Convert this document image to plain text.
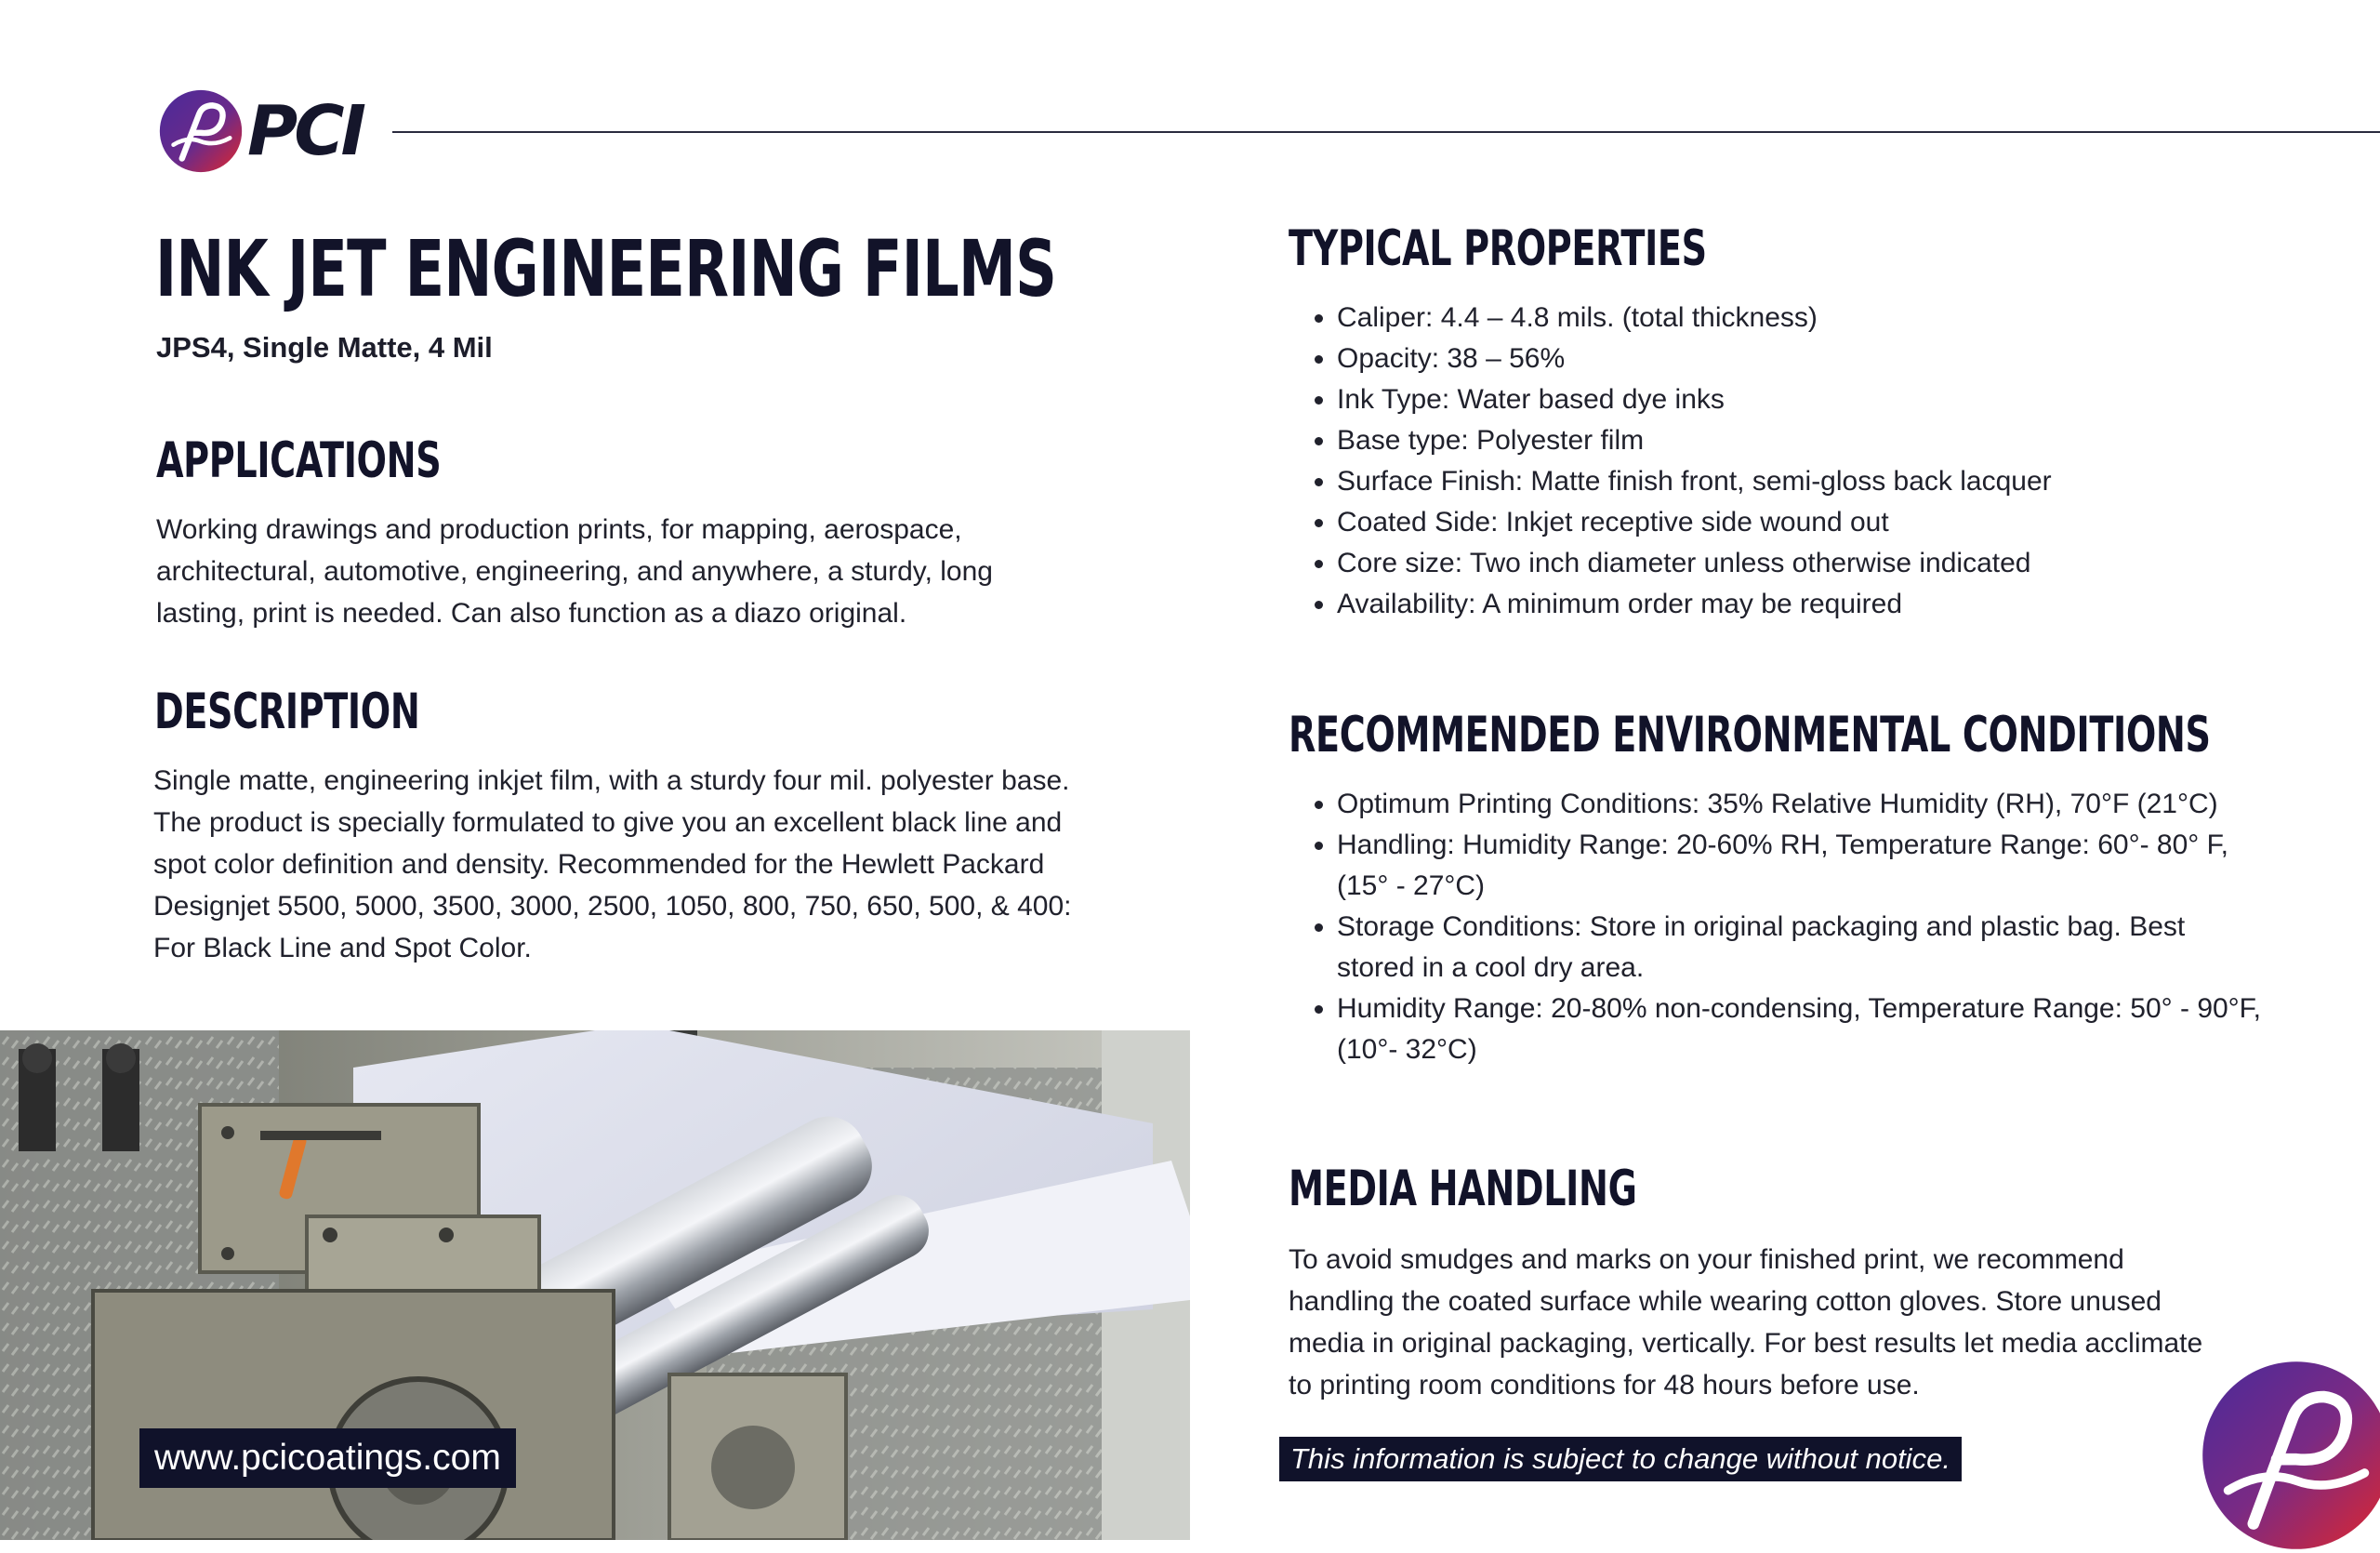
PCI
INK JET ENGINEERING FILMS
JPS4, Single Matte, 4 Mil
APPLICATIONS

Working drawings and production prints, for mapping, aerospace, architectural, automotive, engineering, and anywhere, a sturdy, long lasting, print is needed. Can also function as a diazo original.

DESCRIPTION

Single matte, engineering inkjet film, with a sturdy four mil. polyester base. The product is specially formulated to give you an excellent black line and spot color definition and density. Recommended for the Hewlett Packard Designjet 5500, 5000, 3500, 3000, 2500, 1050, 800, 750, 650, 500, & 400: For Black Line and Spot Color.

TYPICAL PROPERTIES
• Caliper: 4.4 – 4.8 mils. (total thickness)
• Opacity: 38 – 56%
• Ink Type: Water based dye inks
• Base type: Polyester film
• Surface Finish: Matte finish front, semi-gloss back lacquer
• Coated Side: Inkjet receptive side wound out
• Core size: Two inch diameter unless otherwise indicated
• Availability: A minimum order may be required
RECOMMENDED ENVIRONMENTAL CONDITIONS
• Optimum Printing Conditions: 35% Relative Humidity (RH), 70°F (21°C)
• Handling: Humidity Range: 20-60% RH, Temperature Range: 60°- 80° F, (15° - 27°C)
• Storage Conditions: Store in original packaging and plastic bag. Best stored in a cool dry area.
• Humidity Range: 20-80% non-condensing, Temperature Range: 50° - 90°F, (10°- 32°C)
MEDIA HANDLING

To avoid smudges and marks on your finished print, we recommend handling the coated surface while wearing cotton gloves. Store unused media in original packaging, vertically. For best results let media acclimate to printing room conditions for 48 hours before use.

www.pcicoatings.com	This information is subject to change without notice.
